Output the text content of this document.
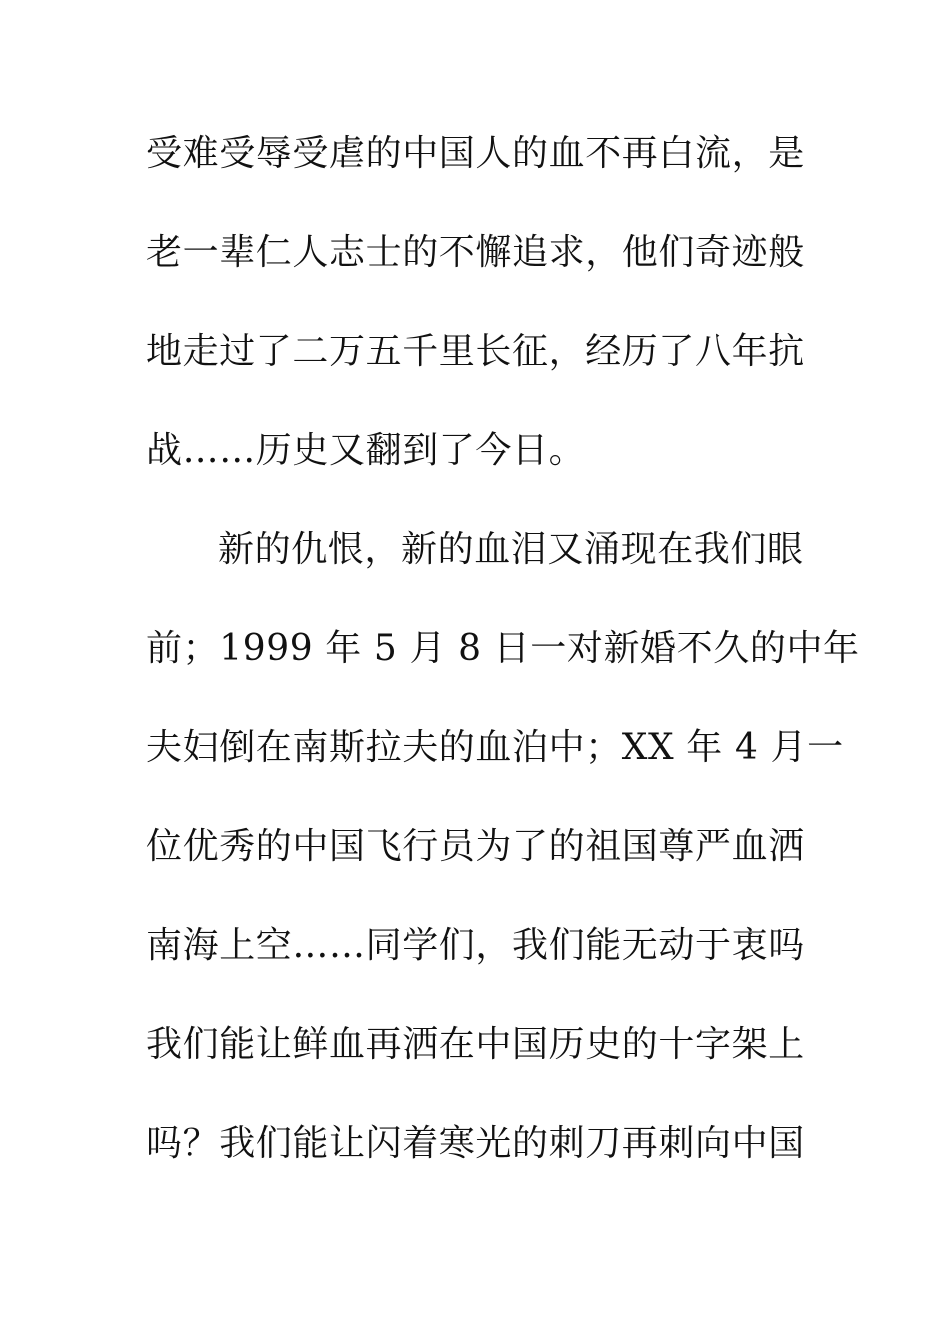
受难受辱受虐的中国人的血不再白流，是
老一辈仁人志士的不懈追求，他们奇迹般
地走过了二万五千里长征，经历了八年抗
战……历史又翻到了今日。
新的仇恨，新的血泪又涌现在我们眼
前；1999 年 5 月 8 日一对新婚不久的中年
夫妇倒在南斯拉夫的血泊中；XX 年 4 月一
位优秀的中国飞行员为了的祖国尊严血洒
南海上空……同学们，我们能无动于衷吗
我们能让鲜血再洒在中国历史的十字架上
吗？我们能让闪着寒光的刺刀再刺向中国
